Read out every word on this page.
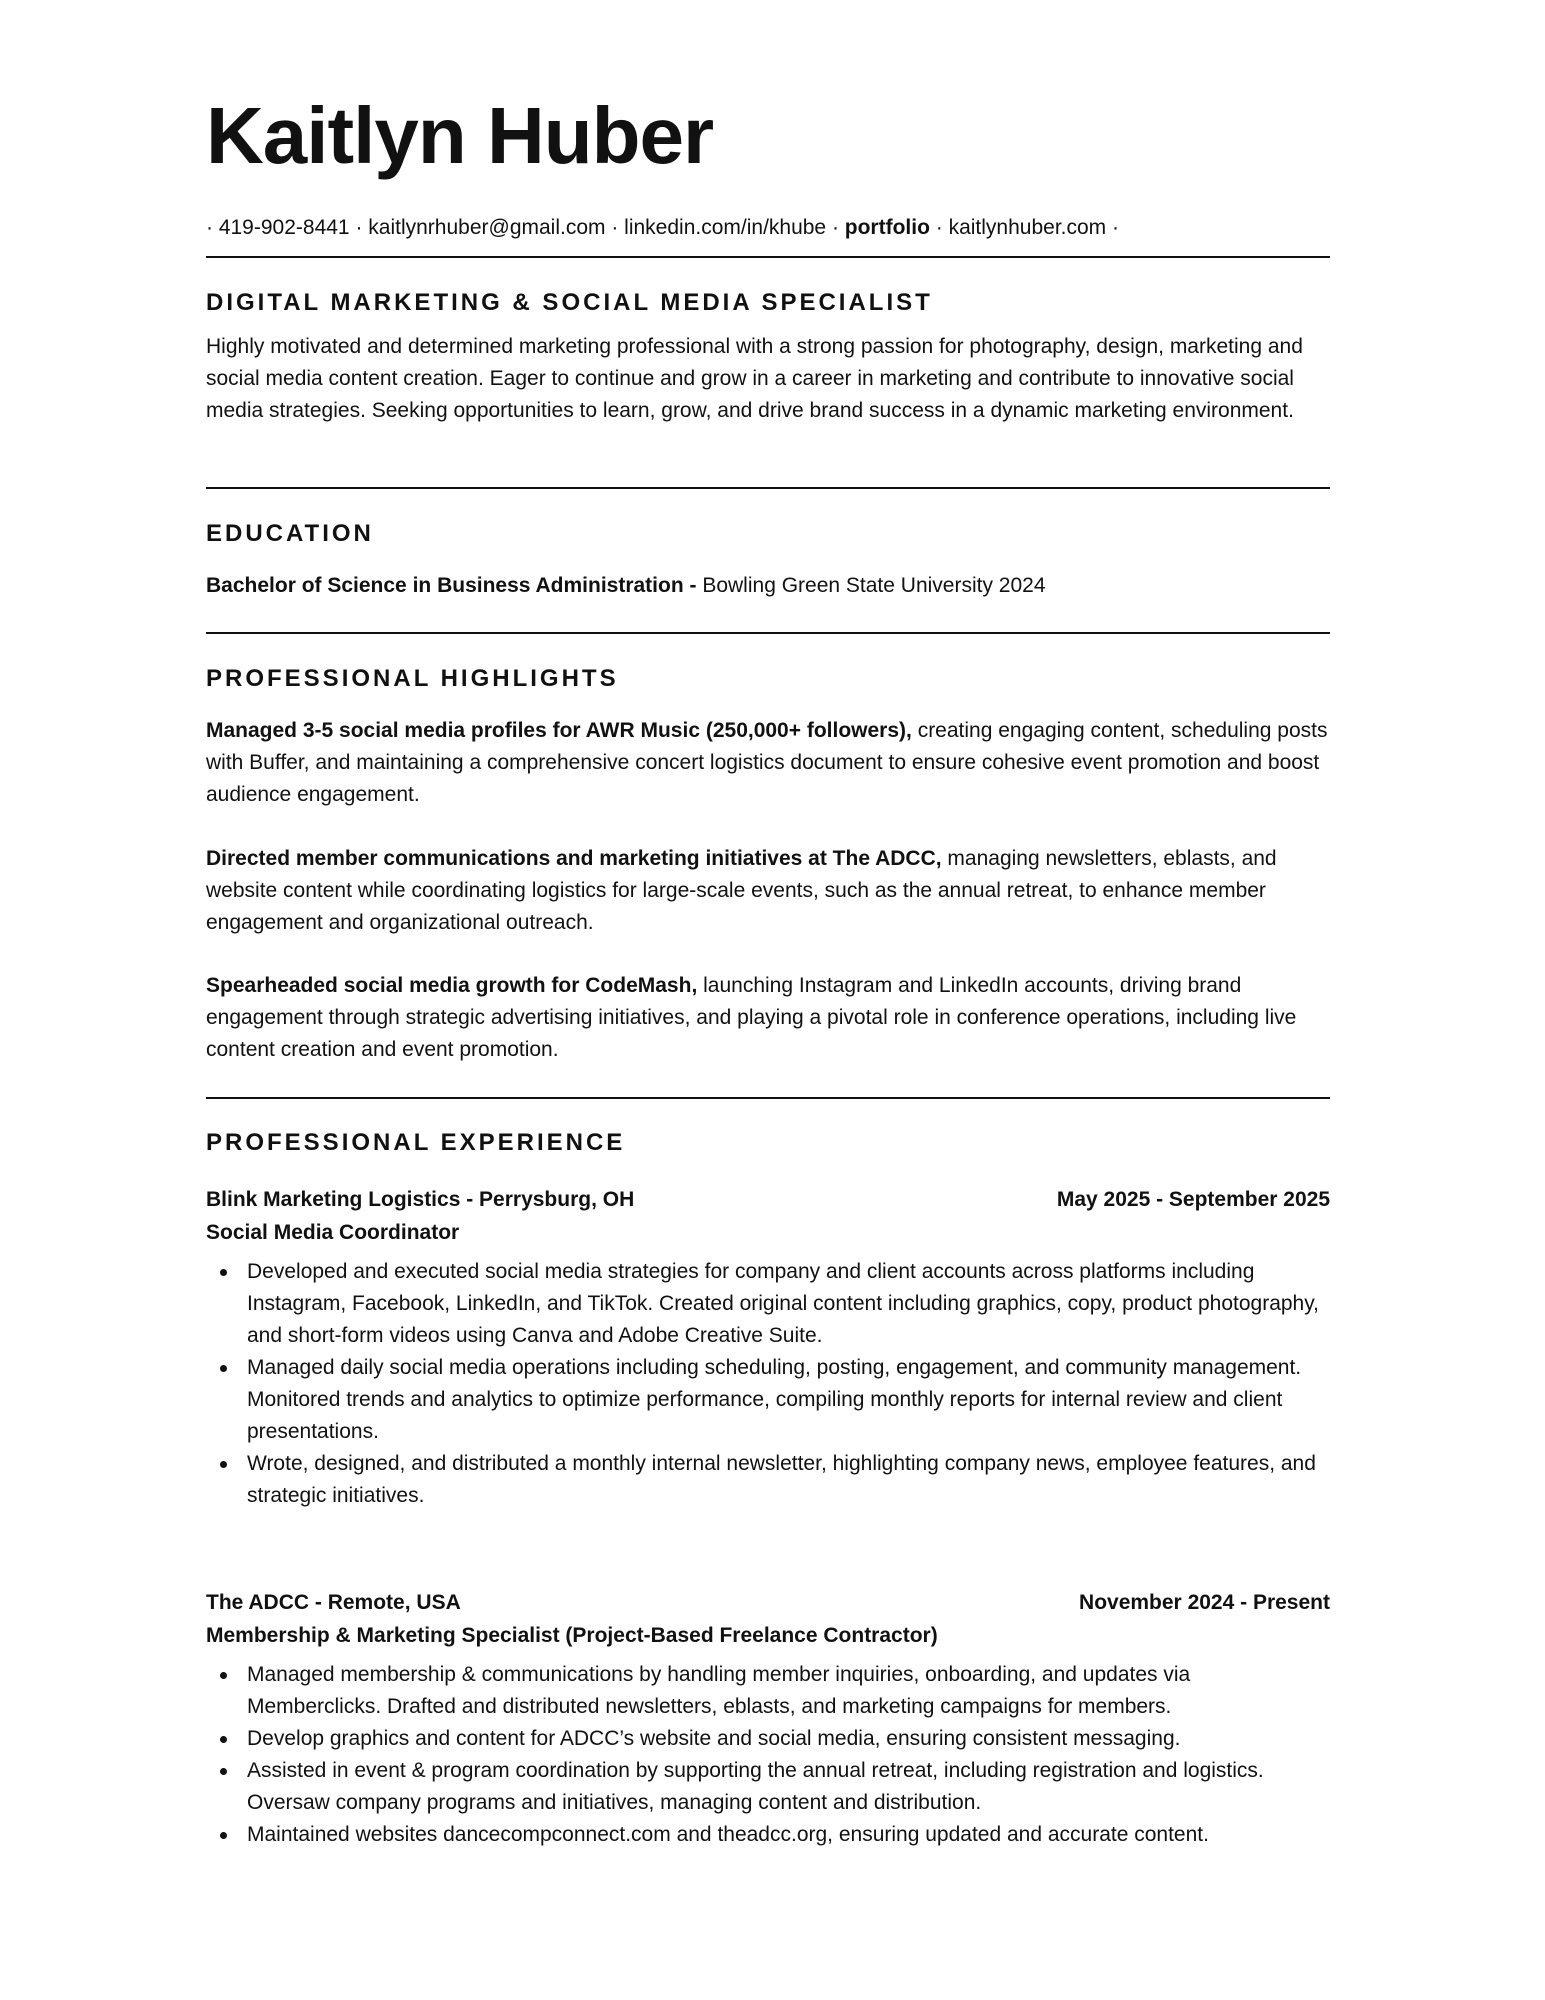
Kaitlyn Huber
· 419-902-8441 · kaitlynrhuber@gmail.com · linkedin.com/in/khube · portfolio · kaitlynhuber.com ·
DIGITAL MARKETING & SOCIAL MEDIA SPECIALIST

Highly motivated and determined marketing professional with a strong passion for photography, design, marketing and social media content creation. Eager to continue and grow in a career in marketing and contribute to innovative social media strategies. Seeking opportunities to learn, grow, and drive brand success in a dynamic marketing environment.

EDUCATION

Bachelor of Science in Business Administration - Bowling Green State University 2024

PROFESSIONAL HIGHLIGHTS

Managed 3-5 social media profiles for AWR Music (250,000+ followers), creating engaging content, scheduling posts with Buffer, and maintaining a comprehensive concert logistics document to ensure cohesive event promotion and boost audience engagement.

Directed member communications and marketing initiatives at The ADCC, managing newsletters, eblasts, and website content while coordinating logistics for large-scale events, such as the annual retreat, to enhance member engagement and organizational outreach.

Spearheaded social media growth for CodeMash, launching Instagram and LinkedIn accounts, driving brand engagement through strategic advertising initiatives, and playing a pivotal role in conference operations, including live content creation and event promotion.

PROFESSIONAL EXPERIENCE
Blink Marketing Logistics - Perrysburg, OH	May 2025 - September 2025
Social Media Coordinator
Developed and executed social media strategies for company and client accounts across platforms including Instagram, Facebook, LinkedIn, and TikTok. Created original content including graphics, copy, product photography, and short-form videos using Canva and Adobe Creative Suite.
Managed daily social media operations including scheduling, posting, engagement, and community management. Monitored trends and analytics to optimize performance, compiling monthly reports for internal review and client presentations.
Wrote, designed, and distributed a monthly internal newsletter, highlighting company news, employee features, and strategic initiatives.
The ADCC - Remote, USA	November 2024 - Present
Membership & Marketing Specialist (Project-Based Freelance Contractor)
Managed membership & communications by handling member inquiries, onboarding, and updates via Memberclicks. Drafted and distributed newsletters, eblasts, and marketing campaigns for members.
Develop graphics and content for ADCC’s website and social media, ensuring consistent messaging.
Assisted in event & program coordination by supporting the annual retreat, including registration and logistics. Oversaw company programs and initiatives, managing content and distribution.
Maintained websites dancecompconnect.com and theadcc.org, ensuring updated and accurate content.
